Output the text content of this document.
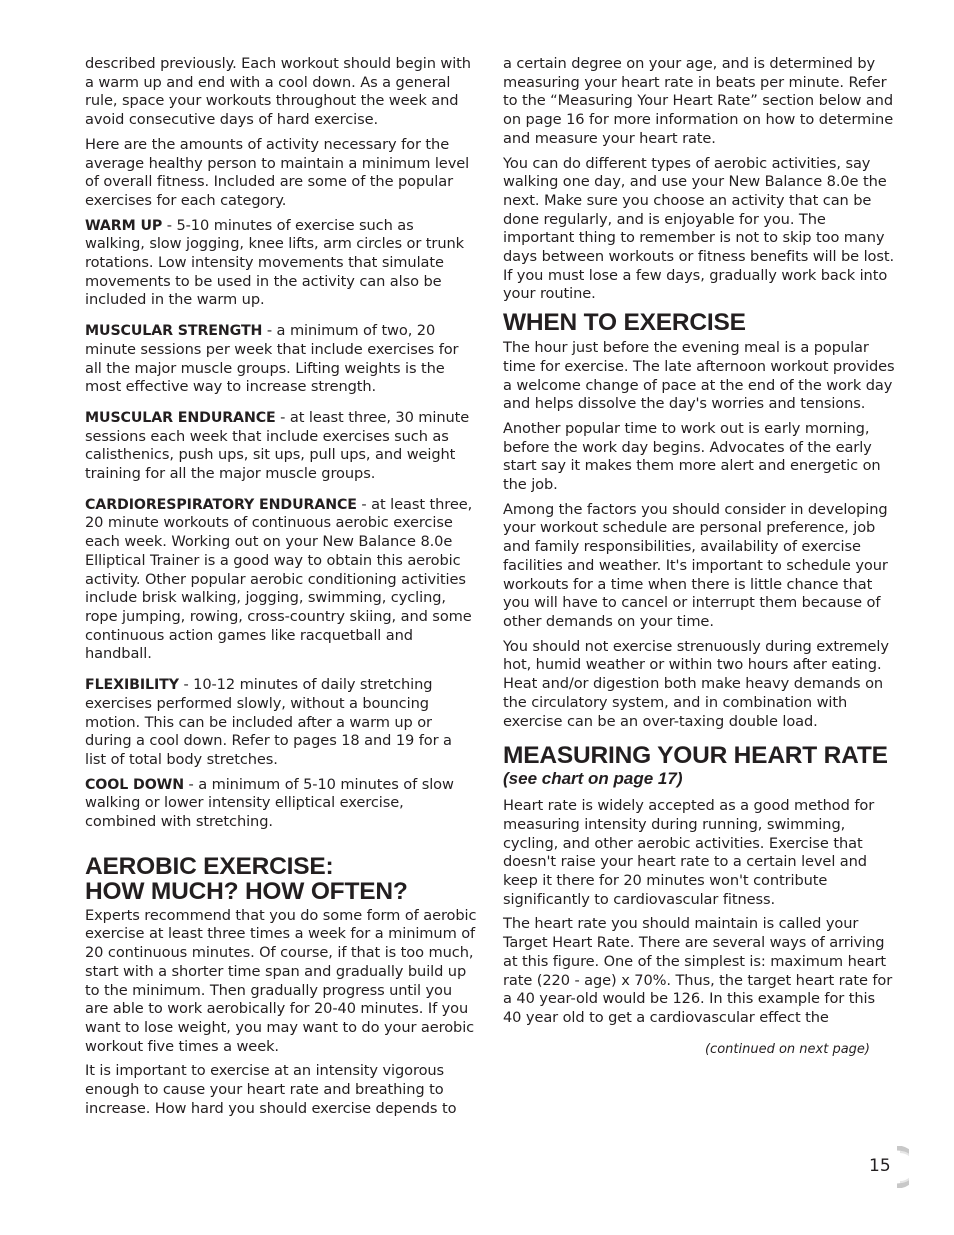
described previously. Each workout should begin with a warm up and end with a cool down. As a general rule, space your workouts throughout the week and avoid consecutive days of hard exercise.

Here are the amounts of activity necessary for the average healthy person to maintain a minimum level of overall fitness. Included are some of the popular exercises for each category.

WARM UP - 5-10 minutes of exercise such as walking, slow jogging, knee lifts, arm circles or trunk rotations. Low intensity movements that simulate movements to be used in the activity can also be included in the warm up.

MUSCULAR STRENGTH - a minimum of two, 20 minute sessions per week that include exercises for all the major muscle groups. Lifting weights is the most effective way to increase strength.

MUSCULAR ENDURANCE - at least three, 30 minute sessions each week that include exercises such as calisthenics, push ups, sit ups, pull ups, and weight training for all the major muscle groups.

CARDIORESPIRATORY ENDURANCE - at least three, 20 minute workouts of continuous aerobic exercise each week. Working out on your New Balance 8.0e Elliptical Trainer is a good way to obtain this aerobic activity. Other popular aerobic conditioning activities include brisk walking, jogging, swimming, cycling, rope jumping, rowing, cross-country skiing, and some continuous action games like racquetball and handball.

FLEXIBILITY - 10-12 minutes of daily stretching exercises performed slowly, without a bouncing motion. This can be included after a warm up or during a cool down. Refer to pages 18 and 19 for a list of total body stretches.

COOL DOWN - a minimum of 5-10 minutes of slow walking or lower intensity elliptical exercise, combined with stretching.

AEROBIC EXERCISE:
HOW MUCH? HOW OFTEN?

Experts recommend that you do some form of aerobic exercise at least three times a week for a minimum of 20 continuous minutes. Of course, if that is too much, start with a shorter time span and gradually build up to the minimum. Then gradually progress until you are able to work aerobically for 20-40 minutes. If you want to lose weight, you may want to do your aerobic workout five times a week.

It is important to exercise at an intensity vigorous enough to cause your heart rate and breathing to increase. How hard you should exercise depends to

a certain degree on your age, and is determined by measuring your heart rate in beats per minute. Refer to the “Measuring Your Heart Rate” section below and on page 16 for more information on how to determine and measure your heart rate.

You can do different types of aerobic activities, say walking one day, and use your New Balance 8.0e the next. Make sure you choose an activity that can be done regularly, and is enjoyable for you. The important thing to remember is not to skip too many days between workouts or fitness benefits will be lost. If you must lose a few days, gradually work back into your routine.

WHEN TO EXERCISE

The hour just before the evening meal is a popular time for exercise. The late afternoon workout provides a welcome change of pace at the end of the work day and helps dissolve the day's worries and tensions.

Another popular time to work out is early morning, before the work day begins. Advocates of the early start say it makes them more alert and energetic on the job.

Among the factors you should consider in developing your workout schedule are personal preference, job and family responsibilities, availability of exercise facilities and weather. It's important to schedule your workouts for a time when there is little chance that you will have to cancel or interrupt them because of other demands on your time.

You should not exercise strenuously during extremely hot, humid weather or within two hours after eating. Heat and/or digestion both make heavy demands on the circulatory system, and in combination with exercise can be an over-taxing double load.

MEASURING YOUR HEART RATE
(see chart on page 17)

Heart rate is widely accepted as a good method for measuring intensity during running, swimming, cycling, and other aerobic activities. Exercise that doesn't raise your heart rate to a certain level and keep it there for 20 minutes won't contribute significantly to cardiovascular fitness.

The heart rate you should maintain is called your Target Heart Rate. There are several ways of arriving at this figure. One of the simplest is: maximum heart rate (220 - age) x 70%. Thus, the target heart rate for a 40 year-old would be 126. In this example for this 40 year old to get a cardiovascular effect the

(continued on next page)
15
